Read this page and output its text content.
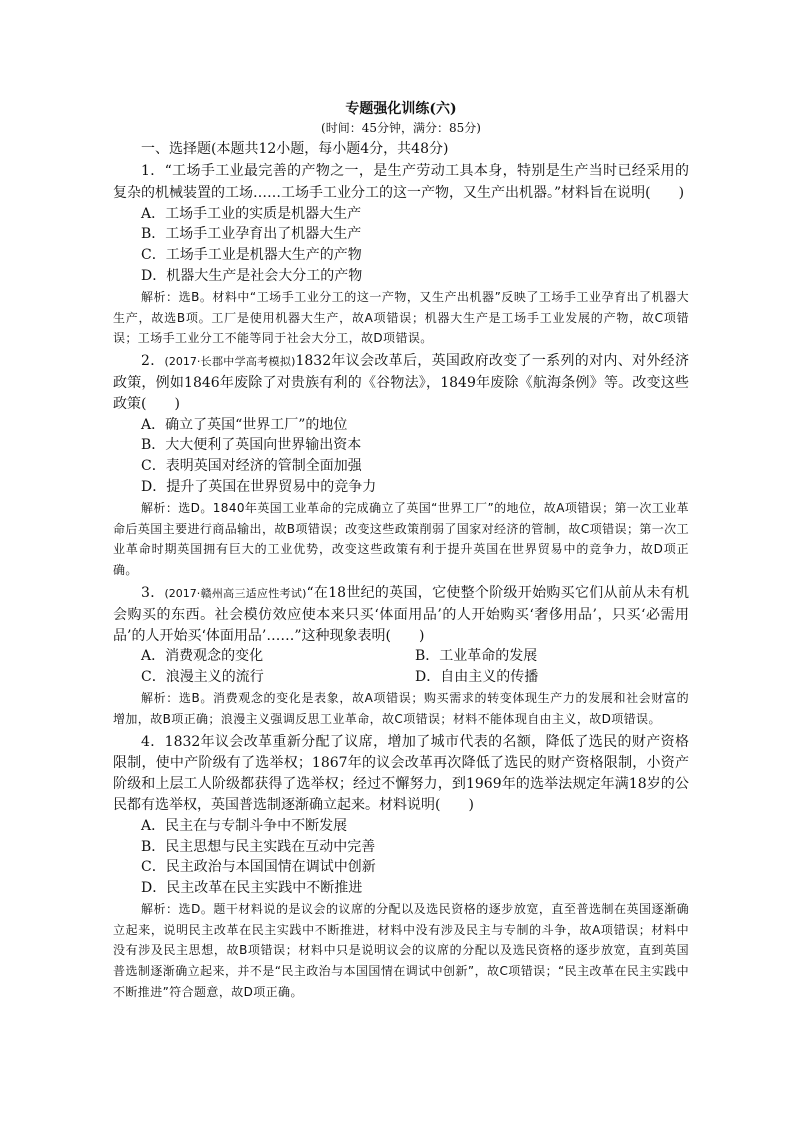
专题强化训练(六)
(时间：45分钟，满分：85分)
一、选择题(本题共12小题，每小题4分，共48分)
1．“工场手工业最完善的产物之一，是生产劳动工具本身，特别是生产当时已经采用的复杂的机械装置的工场……工场手工业分工的这一产物，又生产出机器。”材料旨在说明(　　)
A．工场手工业的实质是机器大生产
B．工场手工业孕育出了机器大生产
C．工场手工业是机器大生产的产物
D．机器大生产是社会大分工的产物
解析：选B。材料中“工场手工业分工的这一产物，又生产出机器”反映了工场手工业孕育出了机器大生产，故选B项。工厂是使用机器大生产，故A项错误；机器大生产是工场手工业发展的产物，故C项错误；工场手工业分工不能等同于社会大分工，故D项错误。
2．(2017·长郡中学高考模拟)1832年议会改革后，英国政府改变了一系列的对内、对外经济政策，例如1846年废除了对贵族有利的《谷物法》，1849年废除《航海条例》等。改变这些政策(　　)
A．确立了英国“世界工厂”的地位
B．大大便利了英国向世界输出资本
C．表明英国对经济的管制全面加强
D．提升了英国在世界贸易中的竞争力
解析：选D。1840年英国工业革命的完成确立了英国“世界工厂”的地位，故A项错误；第一次工业革命后英国主要进行商品输出，故B项错误；改变这些政策削弱了国家对经济的管制，故C项错误；第一次工业革命时期英国拥有巨大的工业优势，改变这些政策有利于提升英国在世界贸易中的竞争力，故D项正确。
3．(2017·赣州高三适应性考试)“在18世纪的英国，它使整个阶级开始购买它们从前从未有机会购买的东西。社会模仿效应使本来只买‘体面用品’的人开始购买‘奢侈用品’，只买‘必需用品’的人开始买‘体面用品’……”这种现象表明(　　)
A．消费观念的变化	B．工业革命的发展
C．浪漫主义的流行	D．自由主义的传播
解析：选B。消费观念的变化是表象，故A项错误；购买需求的转变体现生产力的发展和社会财富的增加，故B项正确；浪漫主义强调反思工业革命，故C项错误；材料不能体现自由主义，故D项错误。
4．1832年议会改革重新分配了议席，增加了城市代表的名额，降低了选民的财产资格限制，使中产阶级有了选举权；1867年的议会改革再次降低了选民的财产资格限制，小资产阶级和上层工人阶级都获得了选举权；经过不懈努力，到1969年的选举法规定年满18岁的公民都有选举权，英国普选制逐渐确立起来。材料说明(　　)
A．民主在与专制斗争中不断发展
B．民主思想与民主实践在互动中完善
C．民主政治与本国国情在调试中创新
D．民主改革在民主实践中不断推进
解析：选D。题干材料说的是议会的议席的分配以及选民资格的逐步放宽，直至普选制在英国逐渐确立起来，说明民主改革在民主实践中不断推进，材料中没有涉及民主与专制的斗争，故A项错误；材料中没有涉及民主思想，故B项错误；材料中只是说明议会的议席的分配以及选民资格的逐步放宽，直到英国普选制逐渐确立起来，并不是“民主政治与本国国情在调试中创新”，故C项错误；“民主改革在民主实践中不断推进”符合题意，故D项正确。
